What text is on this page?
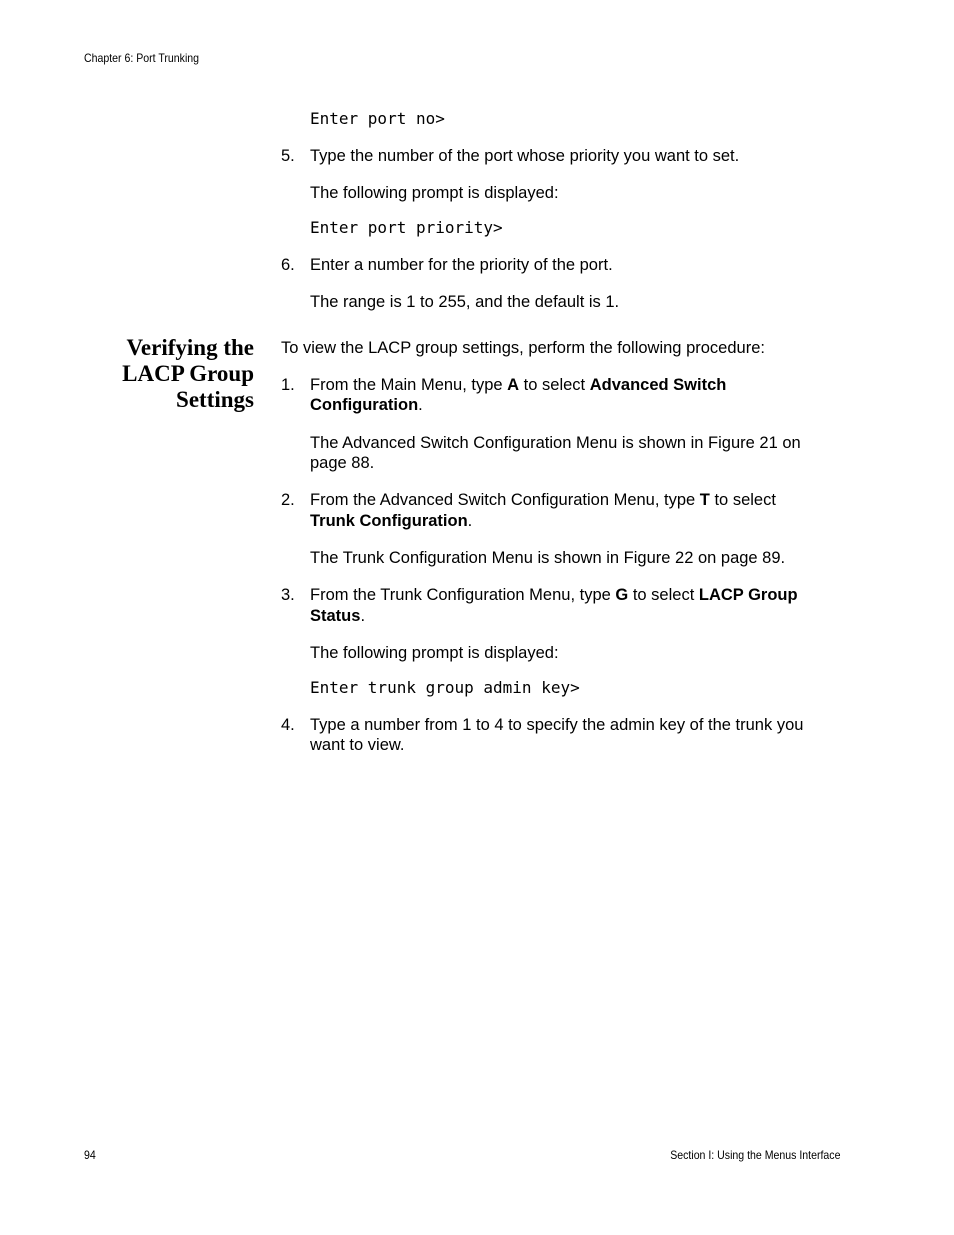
Chapter 6: Port Trunking
Enter port no>
5. Type the number of the port whose priority you want to set.
The following prompt is displayed:
Enter port priority>
6. Enter a number for the priority of the port.
The range is 1 to 255, and the default is 1.
Verifying the
LACP Group
Settings
To view the LACP group settings, perform the following procedure:
1. From the Main Menu, type A to select Advanced Switch
Configuration.
The Advanced Switch Configuration Menu is shown in Figure 21 on
page 88.
2. From the Advanced Switch Configuration Menu, type T to select
Trunk Configuration.
The Trunk Configuration Menu is shown in Figure 22 on page 89.
3. From the Trunk Configuration Menu, type G to select LACP Group
Status.
The following prompt is displayed:
Enter trunk group admin key>
4. Type a number from 1 to 4 to specify the admin key of the trunk you
want to view.
94	Section I: Using the Menus Interface
